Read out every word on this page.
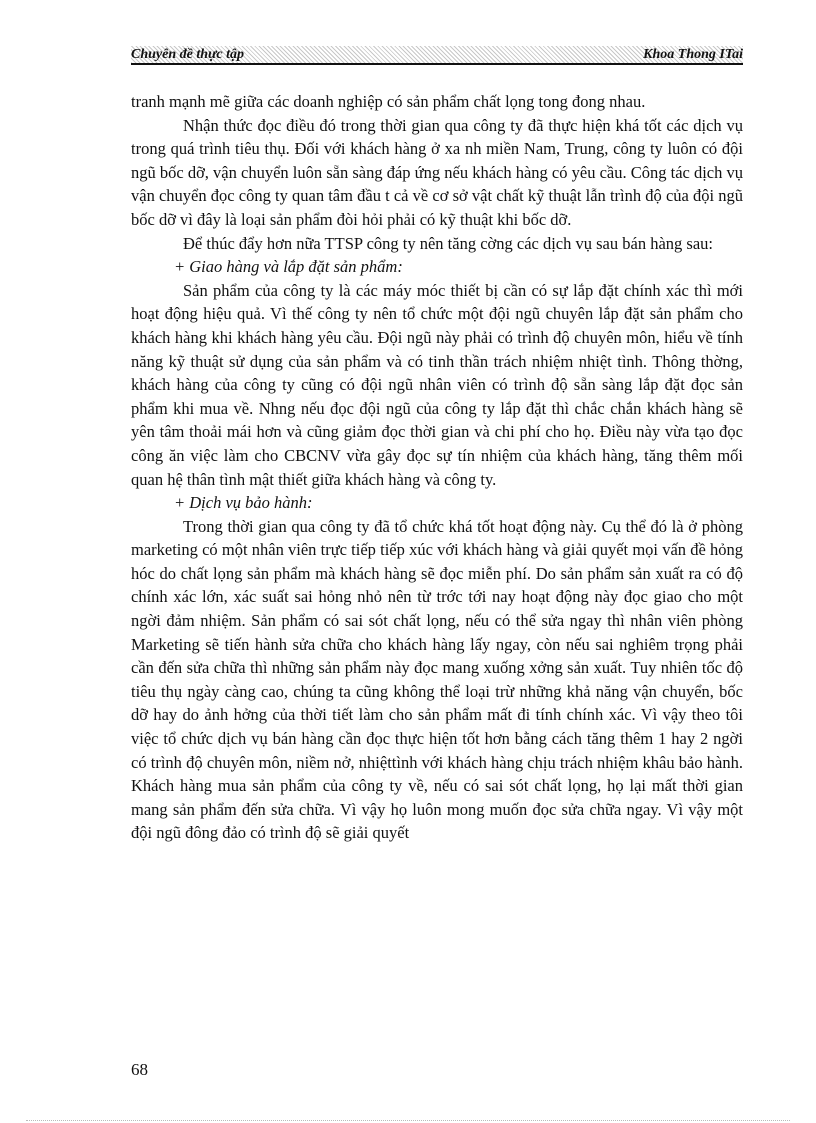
Chuyên đề thực tập	Khoa Thong ITai

tranh mạnh mẽ giữa các doanh nghiệp có sản phẩm chất lọng tong đong nhau.

Nhận thức đọc điều đó trong thời gian qua công ty đã thực hiện khá tốt các dịch vụ trong quá trình tiêu thụ. Đối với khách hàng ở xa nh miền Nam, Trung, công ty luôn có đội ngũ bốc dỡ, vận chuyển luôn sẵn sàng đáp ứng nếu khách hàng có yêu cầu. Công tác dịch vụ vận chuyển đọc công ty quan tâm đầu t cả về cơ sở vật chất kỹ thuật lẫn trình độ của đội ngũ bốc dỡ vì đây là loại sản phẩm đòi hỏi phải có kỹ thuật khi bốc dỡ.

Để thúc đẩy hơn nữa TTSP công ty nên tăng cờng các dịch vụ sau bán hàng sau:

+ Giao hàng và lắp đặt sản phẩm:

Sản phẩm của công ty là các máy móc thiết bị cần có sự lắp đặt chính xác thì mới hoạt động hiệu quả. Vì thế công ty nên tổ chức một đội ngũ chuyên lắp đặt sản phẩm cho khách hàng khi khách hàng yêu cầu. Đội ngũ này phải có trình độ chuyên môn, hiểu về tính năng kỹ thuật sử dụng của sản phẩm và có tinh thần trách nhiệm nhiệt tình. Thông thờng, khách hàng của công ty cũng có đội ngũ nhân viên có trình độ sẵn sàng lắp đặt đọc sản phẩm khi mua về. Nhng nếu đọc đội ngũ của công ty lắp đặt thì chắc chắn khách hàng sẽ yên tâm thoải mái hơn và cũng giảm đọc thời gian và chi phí cho họ. Điều này vừa tạo đọc công ăn việc làm cho CBCNV vừa gây đọc sự tín nhiệm của khách hàng, tăng thêm mối quan hệ thân tình mật thiết giữa khách hàng và công ty.

+ Dịch vụ bảo hành:

Trong thời gian qua công ty đã tổ chức khá tốt hoạt động này. Cụ thể đó là ở phòng marketing có một nhân viên trực tiếp tiếp xúc với khách hàng và giải quyết mọi vấn đề hỏng hóc do chất lọng sản phẩm mà khách hàng sẽ đọc miễn phí. Do sản phẩm sản xuất ra có độ chính xác lớn, xác suất sai hỏng nhỏ nên từ trớc tới nay hoạt động này đọc giao cho một ngời đảm nhiệm. Sản phẩm có sai sót chất lọng, nếu có thể sửa ngay thì nhân viên phòng Marketing sẽ tiến hành sửa chữa cho khách hàng lấy ngay, còn nếu sai nghiêm trọng phải cần đến sửa chữa thì những sản phẩm này đọc mang xuống xởng sản xuất. Tuy nhiên tốc độ tiêu thụ ngày càng cao, chúng ta cũng không thể loại trừ những khả năng vận chuyển, bốc dỡ hay do ảnh hởng của thời tiết làm cho sản phẩm mất đi tính chính xác. Vì vậy theo tôi việc tổ chức dịch vụ bán hàng cần đọc thực hiện tốt hơn bằng cách tăng thêm 1 hay 2 ngời có trình độ chuyên môn, niềm nở, nhiệttình với khách hàng chịu trách nhiệm khâu bảo hành. Khách hàng mua sản phẩm của công ty về, nếu có sai sót chất lọng, họ lại mất thời gian mang sản phẩm đến sửa chữa. Vì vậy họ luôn mong muốn đọc sửa chữa ngay. Vì vậy một đội ngũ đông đảo có trình độ sẽ giải quyết

68
